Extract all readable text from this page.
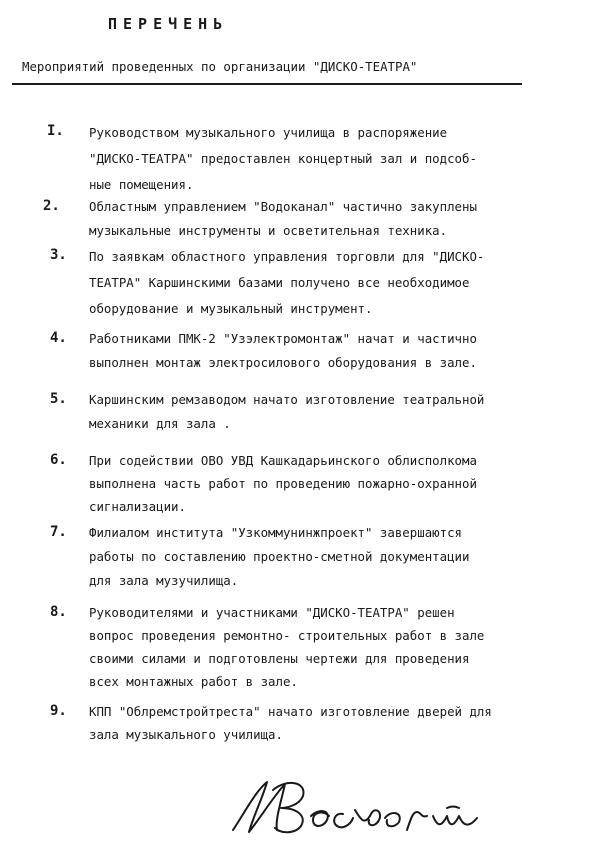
ПЕРЕЧЕНЬ
Мероприятий проведенных по организации "ДИСКО-ТЕАТРА"
I. Руководством музыкального училища в распоряжение
"ДИСКО-ТЕАТРА" предоставлен концертный зал и подсоб-
ные помещения.
2. Областным управлением "Водоканал" частично закуплены
музыкальные инструменты и осветительная техника.
3. По заявкам областного управления торговли для "ДИСКО-
ТЕАТРА" Каршинскими базами получено все необходимое
оборудование и музыкальный инструмент.
4. Работниками ПМК-2 "Узэлектромонтаж" начат и частично
выполнен монтаж электросилового оборудования в зале.
5. Каршинским ремзаводом начато изготовление театральной
механики для зала .
6. При содействии ОВО УВД Кашкадарьинского облисполкома
выполнена часть работ по проведению пожарно-охранной
сигнализации.
7. Филиалом института "Узкоммунинжпроект" завершаются
работы по составлению проектно-сметной документации
для зала музучилища.
8. Руководителями и участниками "ДИСКО-ТЕАТРА" решен
вопрос проведения ремонтно- строительных работ в зале
своими силами и подготовлены чертежи для проведения
всех монтажных работ в зале.
9. КПП "Облремстройтреста" начато изготовление дверей для
зала музыкального училища.
